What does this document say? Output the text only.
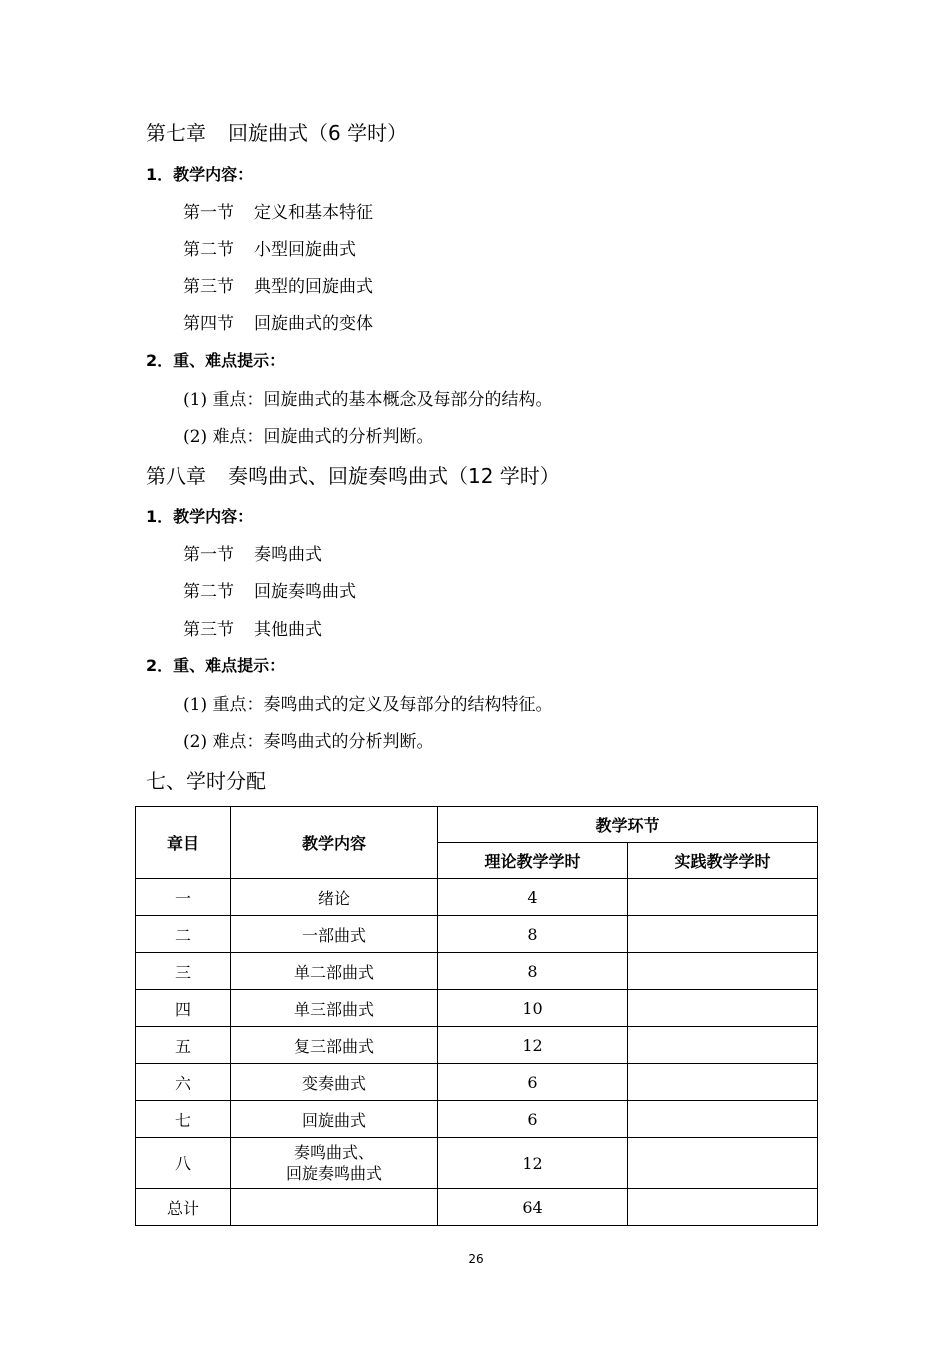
第七章 回旋曲式（6 学时）
1．教学内容：
第一节 定义和基本特征
第二节 小型回旋曲式
第三节 典型的回旋曲式
第四节 回旋曲式的变体
2．重、难点提示：
(1) 重点：回旋曲式的基本概念及每部分的结构。
(2) 难点：回旋曲式的分析判断。
第八章 奏鸣曲式、回旋奏鸣曲式（12 学时）
1．教学内容：
第一节 奏鸣曲式
第二节 回旋奏鸣曲式
第三节 其他曲式
2．重、难点提示：
(1) 重点：奏鸣曲式的定义及每部分的结构特征。
(2) 难点：奏鸣曲式的分析判断。
七、学时分配
章目	教学内容	教学环节	
		理论教学学时	实践教学学时
一	绪论	4	
二	一部曲式	8	
三	单二部曲式	8	
四	单三部曲式	10	
五	复三部曲式	12	
六	变奏曲式	6	
七	回旋曲式	6	
八	奏鸣曲式、
回旋奏鸣曲式	12	
总计		64	
26
